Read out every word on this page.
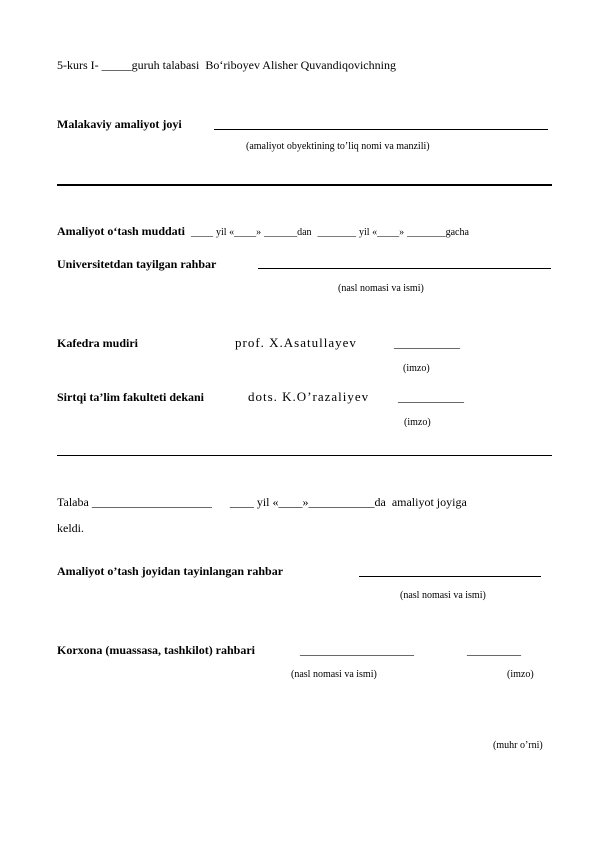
5-kurs I- _____guruh talabasi Bo‘riboyev Alisher Quvandiqovichning
Malakaviy amaliyot joyi
(amaliyot obyektining to’liq nomi va manzili)
Amaliyot o‘tash muddati ____ yil «____» ______dan _______ yil «____» _______gacha
Universitetdan tayilgan rahbar
(nasl nomasi va ismi)
Kafedra mudiri	prof. X.Asatullayev	___________
(imzo)
Sirtqi ta’lim fakulteti dekani	dots. K.O’razaliyev ___________
(imzo)
Talaba ____________________ ____ yil «____»___________da amaliyot joyiga
keldi.
Amaliyot o’tash joyidan tayinlangan rahbar
(nasl nomasi va ismi)
Korxona (muassasa, tashkilot) rahbari	___________________	_________
(nasl nomasi va ismi)	(imzo)
(muhr o’rni)
